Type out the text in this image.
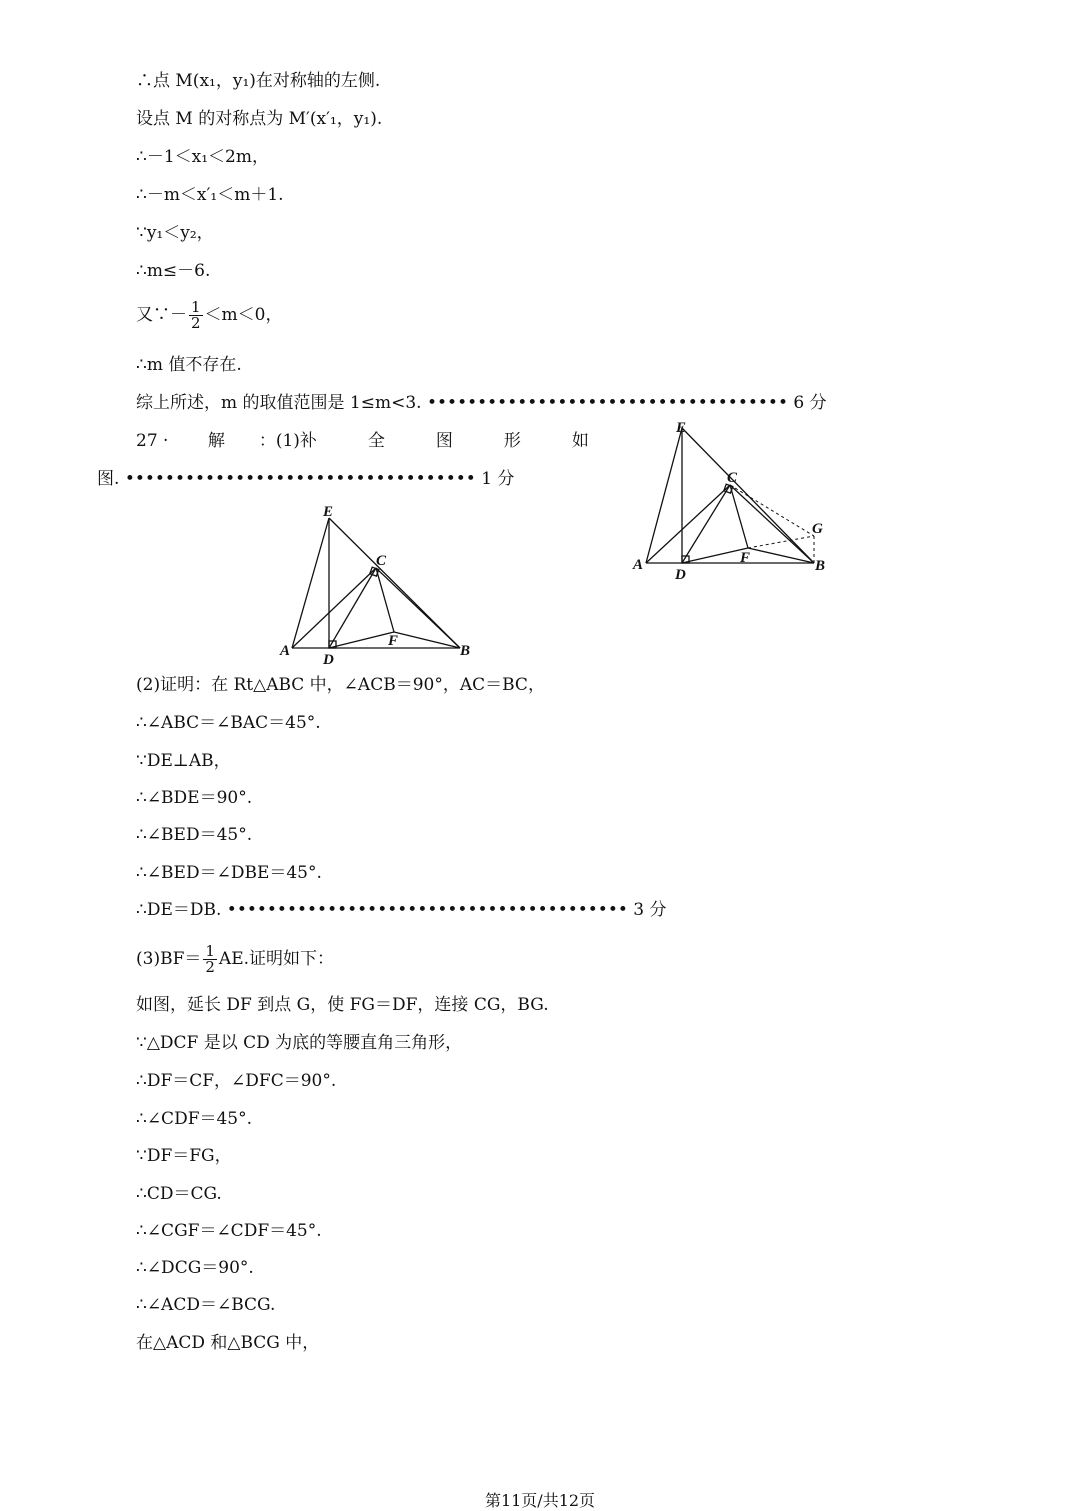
∴点 M(x₁，y₁)在对称轴的左侧.
设点 M 的对称点为 M′(x′₁，y₁).
∴－1＜x₁＜2m，
∴－m＜x′₁＜m＋1.
∵y₁＜y₂，
∴m≤－6.
又∵－ $\frac{1}{2} <m<0$，
∴m 值不存在.
综上所述，m 的取值范围是 1≤m<3. •••••••••••••••••••••••••••••••••••• 6 分
27 · 　　解　　：(1)补　　　全　　　图　　　形　　　如
图. ••••••••••••••••••••••••••••••••••• 1 分
E
C
G
A
D
F	B
E
C
A
D
F
B
(2)证明：在 Rt△ABC 中，∠ACB＝90°，AC＝BC，
∴∠ABC＝∠BAC＝45°.
∵DE⊥AB，
∴∠BDE＝90°.
∴∠BED＝45°.
∴∠BED＝∠DBE＝45°.
∴DE＝DB. •••••••••••••••••••••••••••••••••••••••• 3 分
$(3)BF= \frac{1}{2}$ AE.证明如下：
如图，延长 DF 到点 G，使 FG＝DF，连接 CG，BG.
∵△DCF 是以 CD 为底的等腰直角三角形，
∴DF＝CF，∠DFC＝90°.
∴∠CDF＝45°.
∵DF＝FG，
∴CD＝CG.
∴∠CGF＝∠CDF＝45°.
∴∠DCG＝90°.
∴∠ACD＝∠BCG.
在△ACD 和△BCG 中，
第11页/共12页
